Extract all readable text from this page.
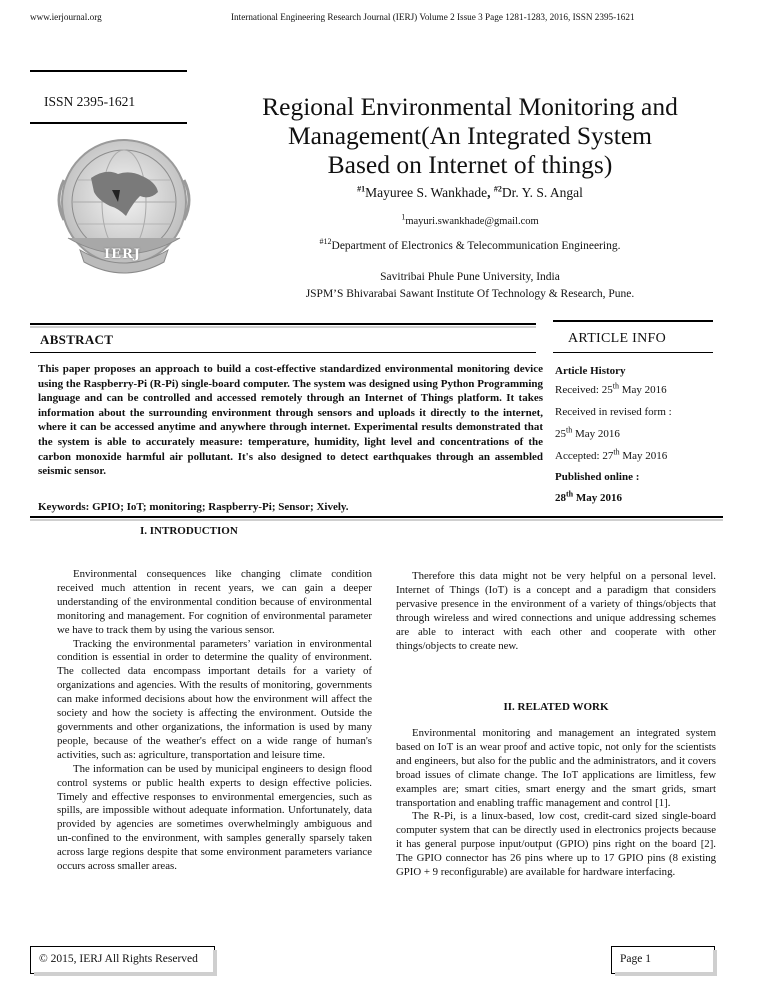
www.ierjournal.org	International Engineering Research Journal (IERJ) Volume 2 Issue 3 Page 1281-1283, 2016, ISSN 2395-1621
ISSN 2395-1621
IERJ
Regional Environmental Monitoring and
Management(An Integrated System
Based on Internet of things)
$^{\#1}$Mayuree S. Wankhade, $^{\#2}$Dr. Y. S. Angal
$^1$mayuri.swankhade@gmail.com
$^{\#12}$Department of Electronics & Telecommunication Engineering.
Savitribai Phule Pune University, India
JSPM’S Bhivarabai Sawant Institute Of Technology & Research, Pune.
ABSTRACT	ARTICLE INFO
This paper proposes an approach to build a cost-effective standardized environmental monitoring device using the Raspberry-Pi (R-Pi) single-board computer. The system was designed using Python Programming language and can be controlled and accessed remotely through an Internet of Things platform. It takes information about the surrounding environment through sensors and uploads it directly to the internet, where it can be accessed anytime and anywhere through internet. Experimental results demonstrated that the system is able to accurately measure: temperature, humidity, light level and concentrations of the carbon monoxide harmful air pollutant. It's also designed to detect earthquakes through an assembled seismic sensor.
Article History
Received: 25th May 2016
Received in revised form :
25th May 2016
Accepted: 27th May 2016
Published online :
28th May 2016
Keywords: GPIO; IoT; monitoring; Raspberry-Pi; Sensor; Xively.
I. INTRODUCTION

Environmental consequences like changing climate condition received much attention in recent years, we can gain a deeper understanding of the environmental condition because of environmental monitoring and management. For cognition of environmental parameter we have to track them by using the various sensor.

Tracking the environmental parameters’ variation in environmental condition is essential in order to determine the quality of environment. The collected data encompass important details for a variety of organizations and agencies. With the results of monitoring, governments can make informed decisions about how the environment will affect the society and how the society is affecting the environment. Outside the governments and other organizations, the information is used by many people, because of the weather's effect on a wide range of human's activities, such as: agriculture, transportation and leisure time.

The information can be used by municipal engineers to design flood control systems or public health experts to design effective policies. Timely and effective responses to environmental emergencies, such as spills, are impossible without adequate information. Unfortunately, data provided by agencies are sometimes overwhelmingly ambiguous and un-confined to the environment, with samples generally sparsely taken across large regions despite that some environment parameters variance occurs across smaller areas.

Therefore this data might not be very helpful on a personal level. Internet of Things (IoT) is a concept and a paradigm that considers pervasive presence in the environment of a variety of things/objects that through wireless and wired connections and unique addressing schemes are able to interact with each other and cooperate with other things/objects to create new.

II. RELATED WORK

Environmental monitoring and management an integrated system based on IoT is an wear proof and active topic, not only for the scientists and engineers, but also for the public and the administrators, and it covers broad issues of climate change. The IoT applications are limitless, few examples are; smart cities, smart energy and the smart grids, smart transportation and enabling traffic management and control [1].

The R-Pi, is a linux-based, low cost, credit-card sized single-board computer system that can be directly used in electronics projects because it has general purpose input/output (GPIO) pins right on the board [2]. The GPIO connector has 26 pins where up to 17 GPIO pins (8 existing GPIO + 9 reconfigurable) are available for hardware interfacing.

© 2015, IERJ All Rights Reserved	Page 1
